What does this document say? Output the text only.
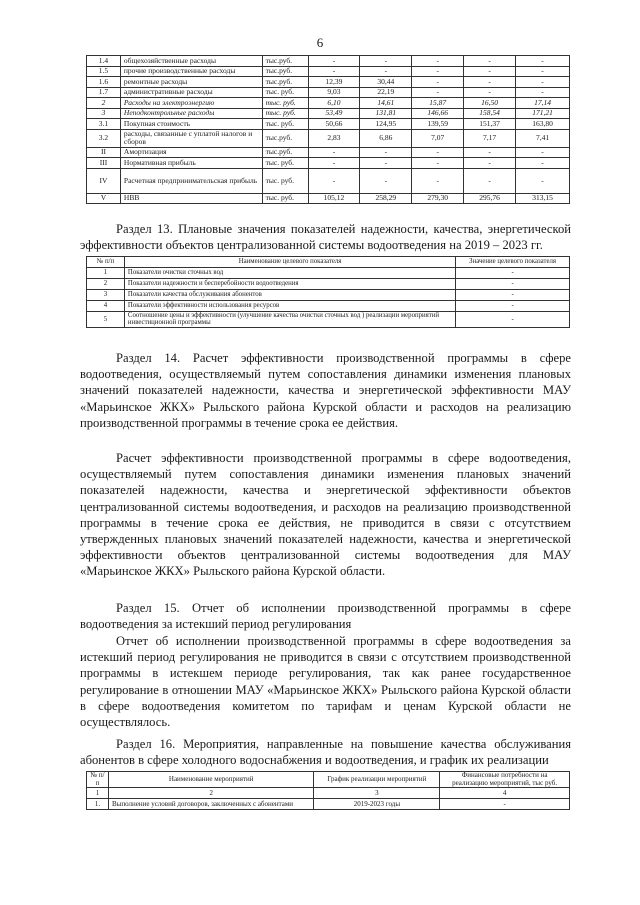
6
1.4	общехозяйственные расходы	тыс.руб.	-	-	-	-	-
1.5	прочие производственные расходы	тыс.руб.	-	-	-	-	-
1.6	ремонтные расходы	тыс.руб.	12,39	30,44	-	-	-
1.7	административные расходы	тыс. руб.	9,03	22,19	-	-	-
2	Расходы на электроэнергию	тыс. руб.	6,10	14,61	15,87	16,50	17,14
3	Неподконтрольные расходы	тыс. руб.	53,49	131,81	146,66	158,54	171,21
3.1	Покупная стоимость	тыс. руб.	50,66	124,95	139,59	151,37	163,80
3.2	расходы, связанные с уплатой налогов и сборов	тыс.руб.	2,83	6,86	7,07	7,17	7,41
II	Амортизация	тыс.руб.	-	-	-	-	-
III	Нормативная прибыль	тыс. руб.	-	-	-	-	-
IV	Расчетная предпринимательская прибыль	тыс. руб.	-	-	-	-	-
V	НВВ	тыс. руб.	105,12	258,29	279,30	295,76	313,15
Раздел 13. Плановые значения показателей надежности, качества, энергетической эффективности объектов централизованной системы водоотведения на 2019 – 2023 гг.
№ п/п	Наименование целевого показателя	Значение целевого показателя
1	Показатели очистки сточных вод	-
2	Показатели надежности и бесперебойности водоотведения	-
3	Показатели качества обслуживания абонентов	-
4	Показатели эффективности использования ресурсов	-
5	Соотношение цены и эффективности (улучшение качества очистки сточных вод ) реализации мероприятий инвестиционной программы	-
Раздел 14. Расчет эффективности производственной программы в сфере водоотведения, осуществляемый путем сопоставления динамики изменения плановых значений показателей надежности, качества и энергетической эффективности МАУ «Марьинское ЖКХ» Рыльского района Курской области и расходов на реализацию производственной программы в течение срока ее действия.
Расчет эффективности производственной программы в сфере водоотведения, осуществляемый путем сопоставления динамики изменения плановых значений показателей надежности, качества и энергетической эффективности объектов централизованной системы водоотведения, и расходов на реализацию производственной программы в течение срока ее действия, не приводится в связи с отсутствием утвержденных плановых значений показателей надежности, качества и энергетической эффективности объектов централизованной системы водоотведения для МАУ «Марьинское ЖКХ» Рыльского района Курской области.
Раздел 15. Отчет об исполнении производственной программы в сфере водоотведения за истекший период регулирования
Отчет об исполнении производственной программы в сфере водоотведения за истекший период регулирования не приводится в связи с отсутствием производственной программы в истекшем периоде регулирования, так как ранее государственное регулирование в отношении МАУ «Марьинское ЖКХ» Рыльского района Курской области в сфере водоотведения комитетом по тарифам и ценам Курской области не осуществлялось.
Раздел 16. Мероприятия, направленные на повышение качества обслуживания абонентов в сфере холодного водоснабжения и водоотведения, и график их реализации
№ п/п	Наименование мероприятий	График реализации мероприятий	Финансовые потребности на реализацию мероприятий, тыс руб.
1	2	3	4
1.	Выполнение условий договоров, заключенных с абонентами	2019-2023 годы	-
